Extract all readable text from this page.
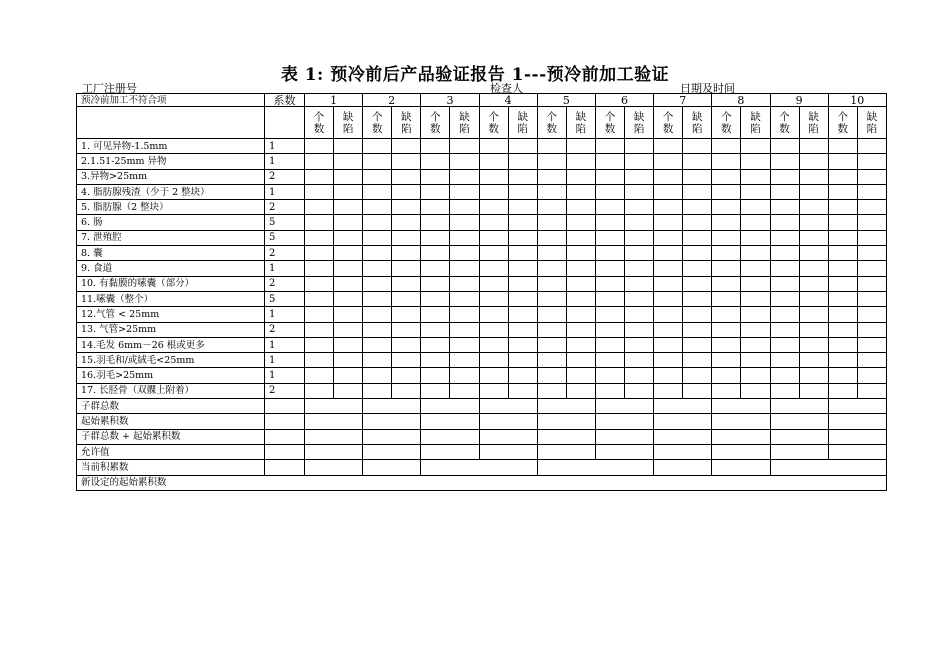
表 1: 预冷前后产品验证报告 1---预冷前加工验证
工厂注册号	检查人	日期及时间
预冷前加工不符合项	系数	1		2		3		4		5		6		7		8		9		10	
		个数	缺陷	个数	缺陷	个数	缺陷	个数	缺陷	个数	缺陷	个数	缺陷	个数	缺陷	个数	缺陷	个数	缺陷	个数	缺陷
1. 可见异物-1.5mm	1																				
2.1.51-25mm 异物	1																				
3.异物>25mm	2																				
4. 脂肪腺残渣（少于 2 整块）	1																				
5. 脂肪腺（2 整块）	2																				
6. 肠	5																				
7. 泄殖腔	5																				
8. 囊	2																				
9. 食道	1																				
10. 有黏膜的嗉囊（部分）	2																				
11.嗉囊（整个）	5																				
12.气管 < 25mm	1																				
13. 气管>25mm	2																				
14.毛发 6mm－26 根或更多	1																				
15.羽毛和/或絨毛<25mm	1																				
16.羽毛>25mm	1																				
17. 长胫骨（双髁上附着）	2																				
子群总数																					
起始累积数																					
子群总数 + 起始累积数																					
允许值																					
当前积累数																					
新设定的起始累积数																					
